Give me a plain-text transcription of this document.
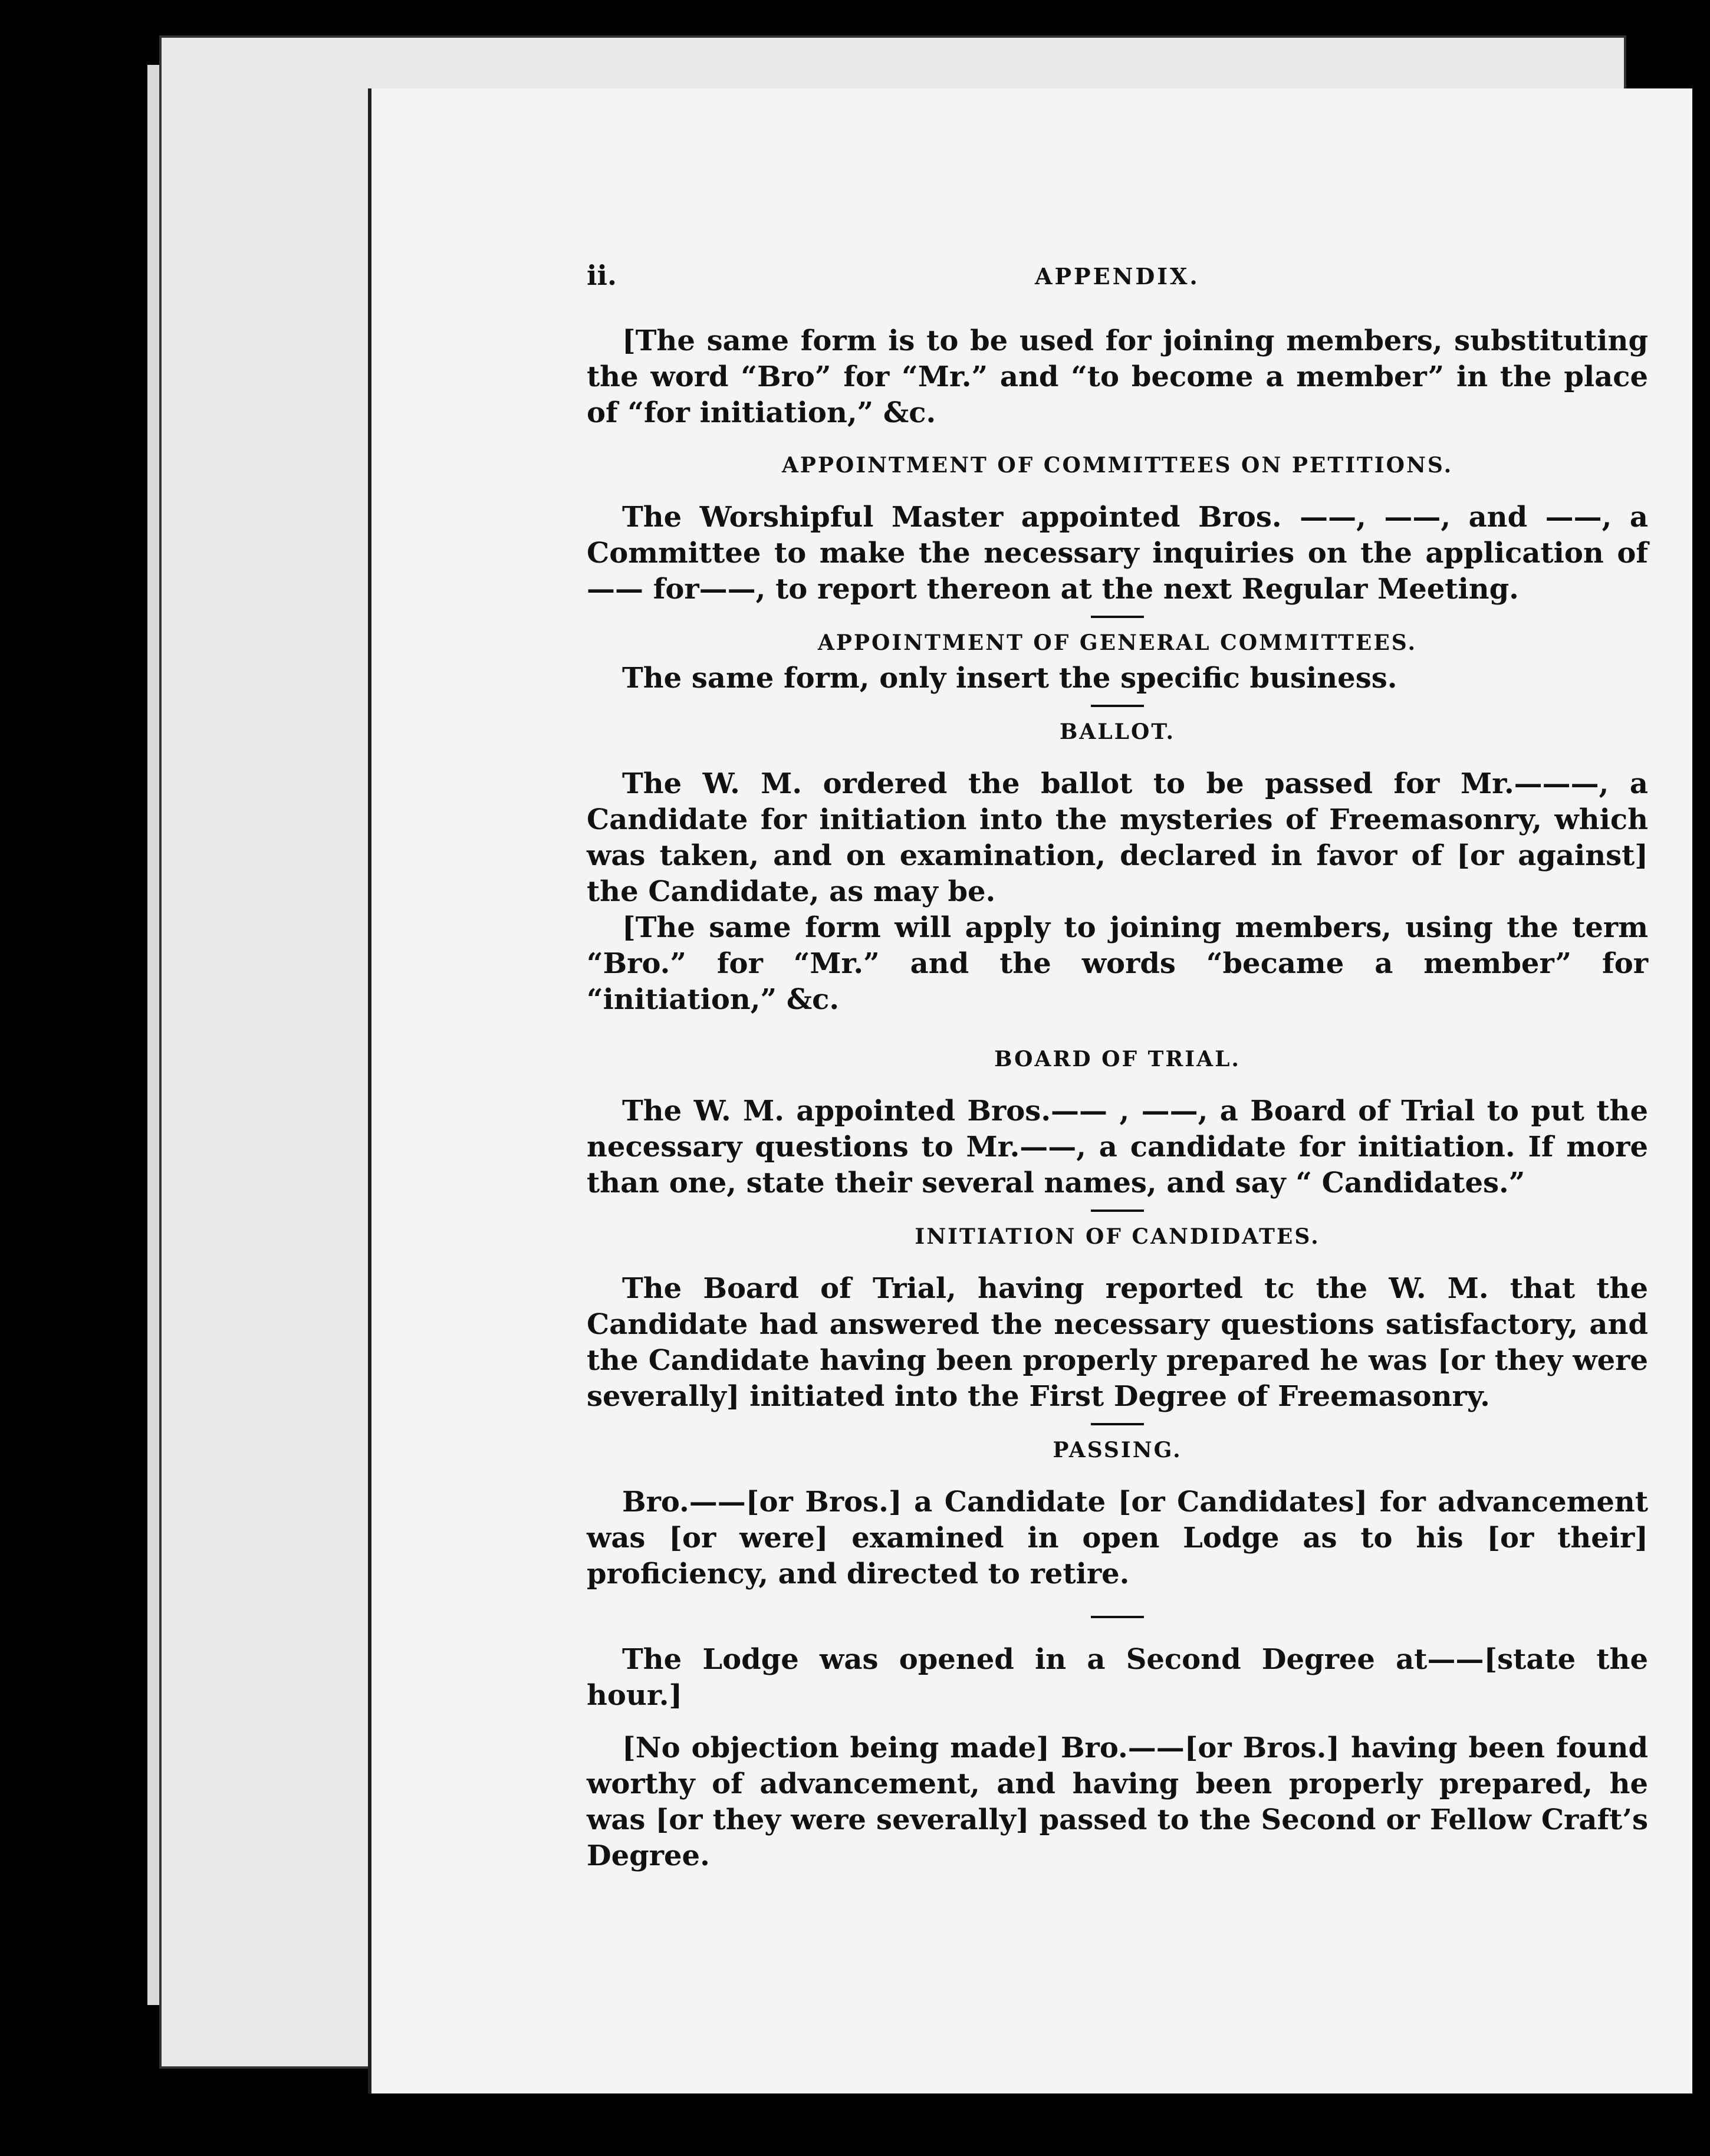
ii.	APPENDIX.

[The same form is to be used for joining members, substituting the word “Bro” for “Mr.” and “to become a member” in the place of “for initiation,” &c.

APPOINTMENT OF COMMITTEES ON PETITIONS.

The Worshipful Master appointed Bros. ——, ——, and ——, a Committee to make the necessary inquiries on the application of—— for——, to report thereon at the next Regular Meeting.

APPOINTMENT OF GENERAL COMMITTEES.

The same form, only insert the specific business.

BALLOT.

The W. M. ordered the ballot to be passed for Mr.———, a Candidate for initiation into the mysteries of Freemasonry, which was taken, and on examination, declared in favor of [or against] the Candidate, as may be.

[The same form will apply to joining members, using the term “Bro.” for “Mr.” and the words “became a member” for “initiation,” &c.

BOARD OF TRIAL.

The W. M. appointed Bros.—— , ——, a Board of Trial to put the necessary questions to Mr.——, a candidate for initiation. If more than one, state their several names, and say “ Candidates.”

INITIATION OF CANDIDATES.

The Board of Trial, having reported tc the W. M. that the Candidate had answered the necessary questions satisfactory, and the Candidate having been properly prepared he was [or they were severally] initiated into the First Degree of Freemasonry.

PASSING.

Bro.——[or Bros.] a Candidate [or Candidates] for advancement was [or were] examined in open Lodge as to his [or their] proficiency, and directed to retire.

The Lodge was opened in a Second Degree at——[state the hour.]

[No objection being made] Bro.——[or Bros.] having been found worthy of advancement, and having been properly prepared, he was [or they were severally] passed to the Second or Fellow Craft’s Degree.
